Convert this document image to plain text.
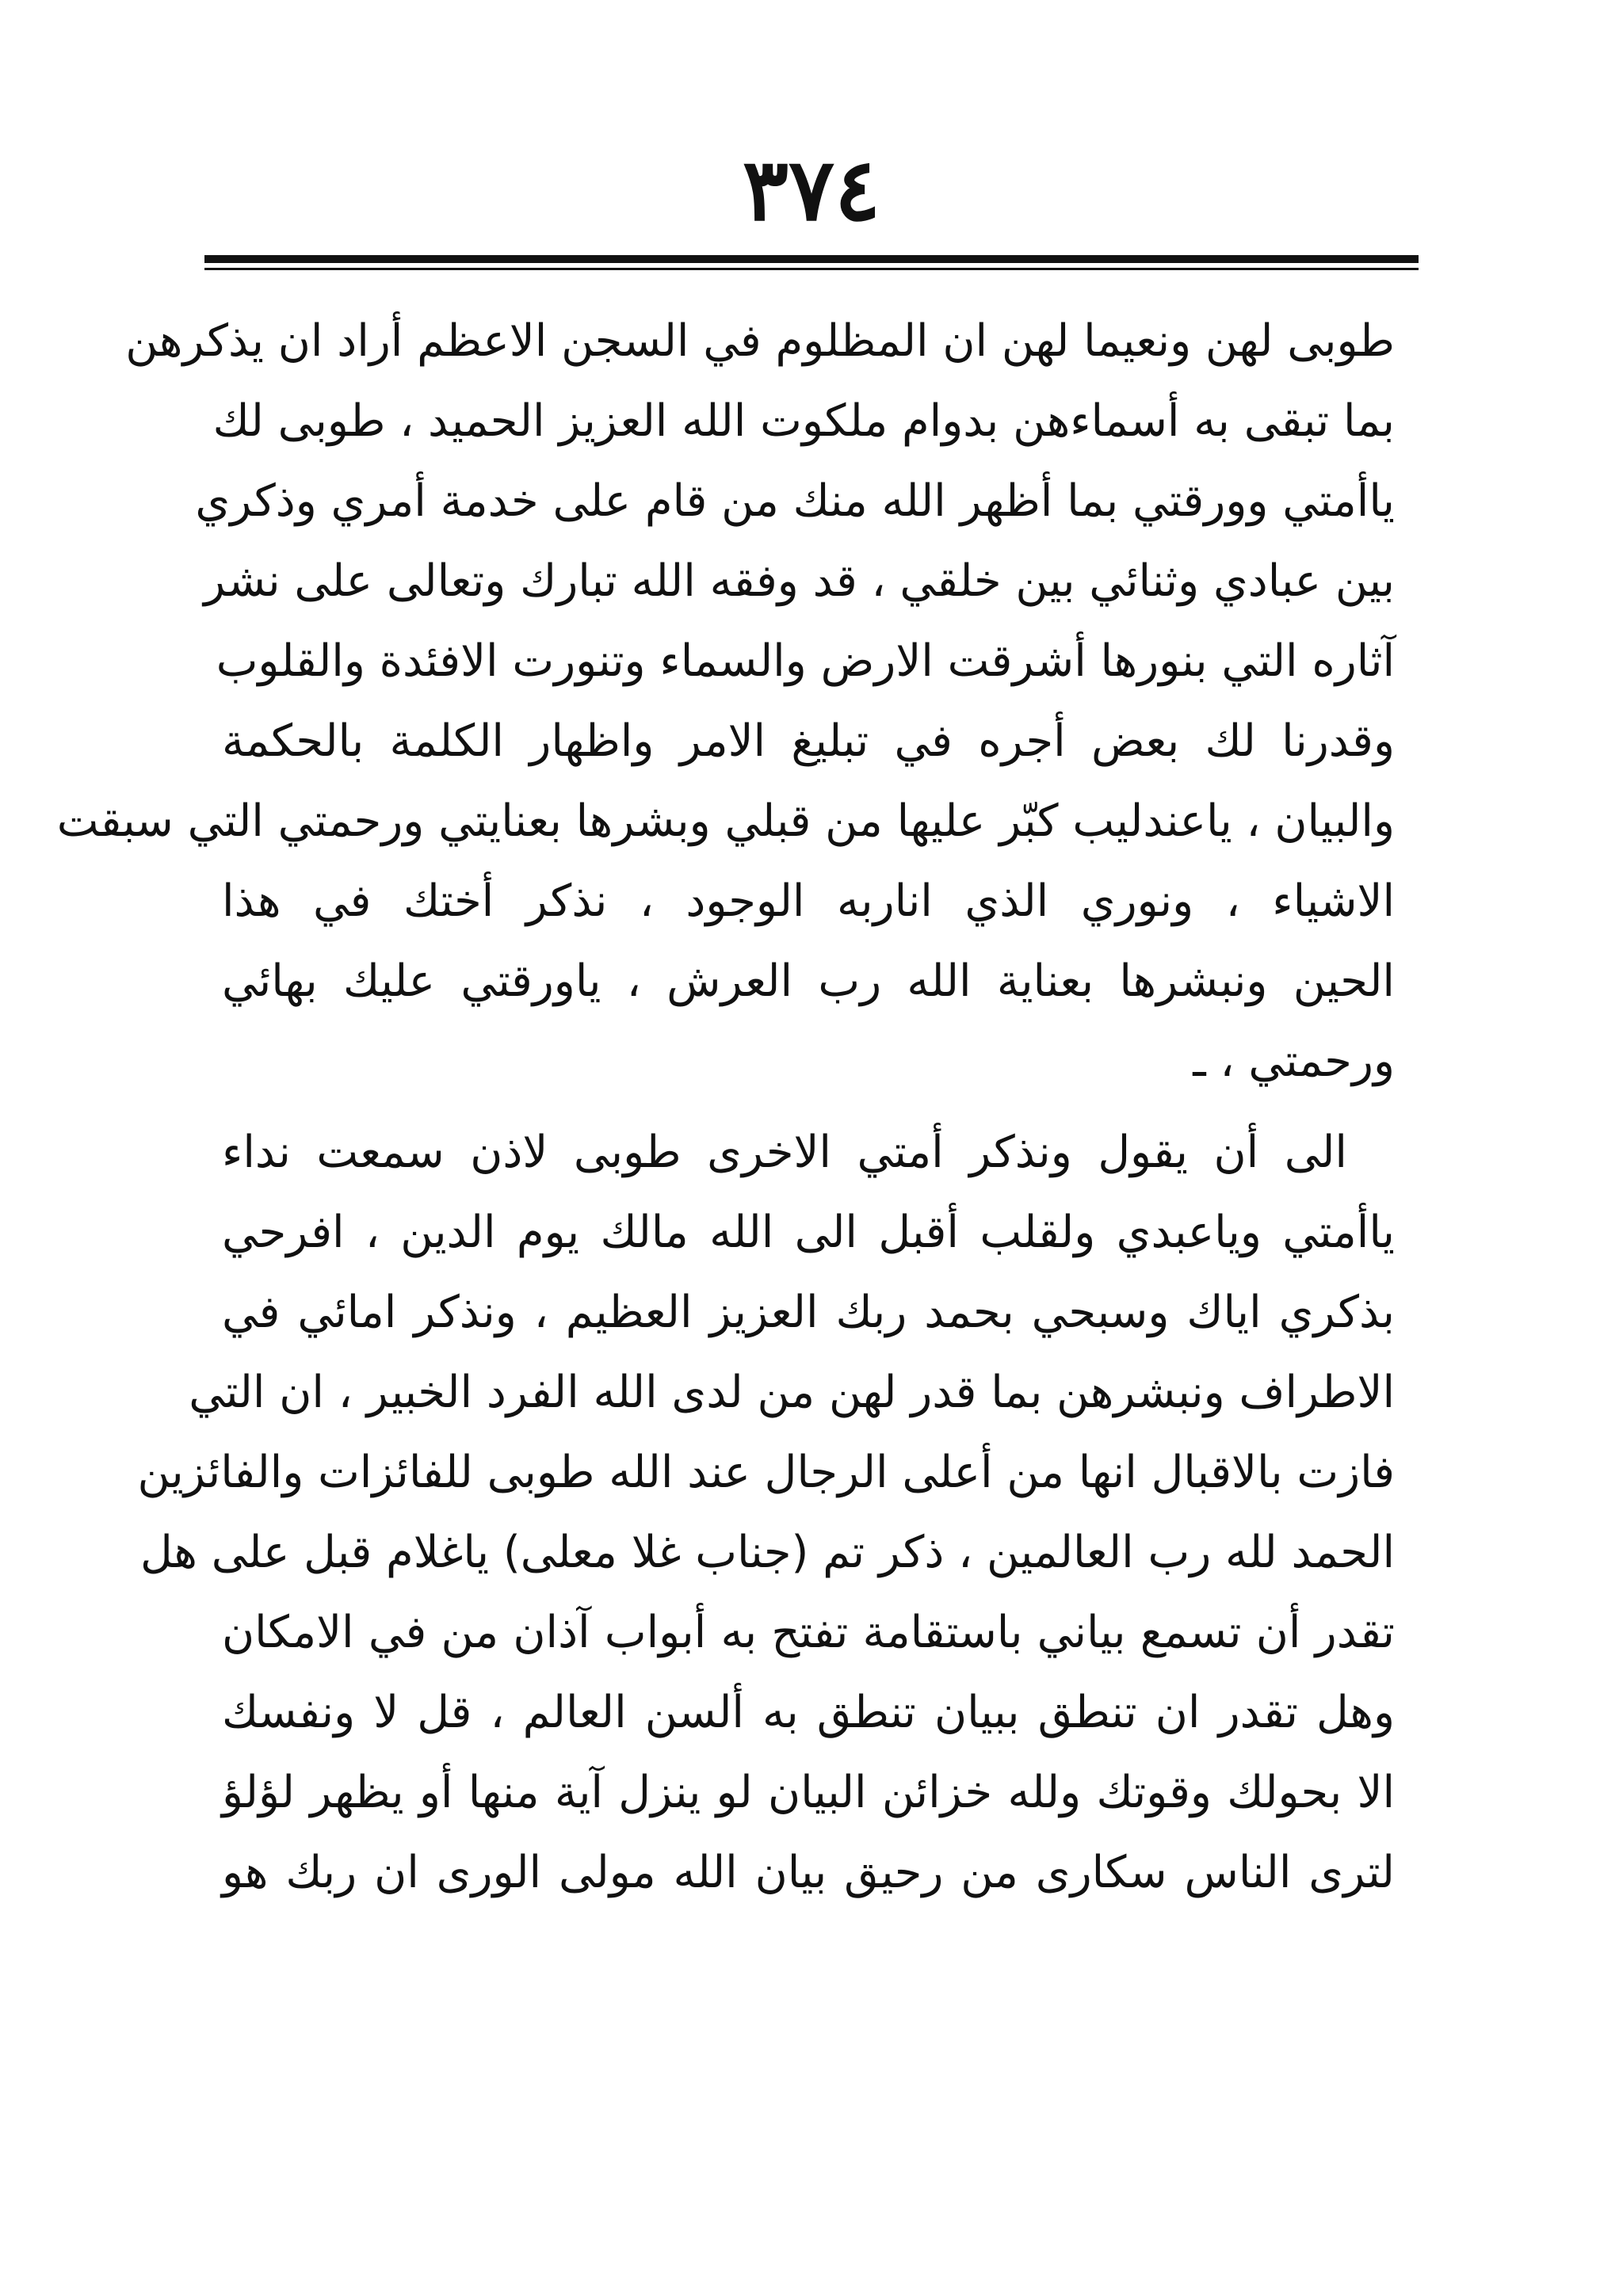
٣٧٤
طوبى لهن ونعيما لهن ان المظلوم في السجن الاعظم أراد ان يذكرهن
بما تبقى به أسماءهن بدوام ملكوت الله العزيز الحميد ، طوبى لك
ياأمتي وورقتي بما أظهر الله منك من قام على خدمة أمري وذكري
بين عبادي وثنائي بين خلقي ، قد وفقه الله تبارك وتعالى على نشر
آثاره التي بنورها أشرقت الارض والسماء وتنورت الافئدة والقلوب
وقدرنا لك بعض أجره في تبليغ الامر واظهار الكلمة بالحكمة
والبيان ، ياعندليب كبّر عليها من قبلي وبشرها بعنايتي ورحمتي التي سبقت
الاشياء ، ونوري الذي اناربه الوجود ، نذكر أختك في هذا
الحين ونبشرها بعناية الله رب العرش ، ياورقتي عليك بهائي
ورحمتي ، ـ
الى أن يقول ونذكر أمتي الاخرى طوبى لاذن سمعت نداء
ياأمتي وياعبدي ولقلب أقبل الى الله مالك يوم الدين ، افرحي
بذكري اياك وسبحي بحمد ربك العزيز العظيم ، ونذكر امائي في
الاطراف ونبشرهن بما قدر لهن من لدى الله الفرد الخبير ، ان التي
فازت بالاقبال انها من أعلى الرجال عند الله طوبى للفائزات والفائزين
الحمد لله رب العالمين ، ذكر تم (جناب غلا معلى) ياغلام قبل على هل
تقدر أن تسمع بياني باستقامة تفتح به أبواب آذان من في الامكان
وهل تقدر ان تنطق ببيان تنطق به ألسن العالم ، قل لا ونفسك
الا بحولك وقوتك ولله خزائن البيان لو ينزل آية منها أو يظهر لؤلؤ
لترى الناس سكارى من رحيق بيان الله مولى الورى ان ربك هو
